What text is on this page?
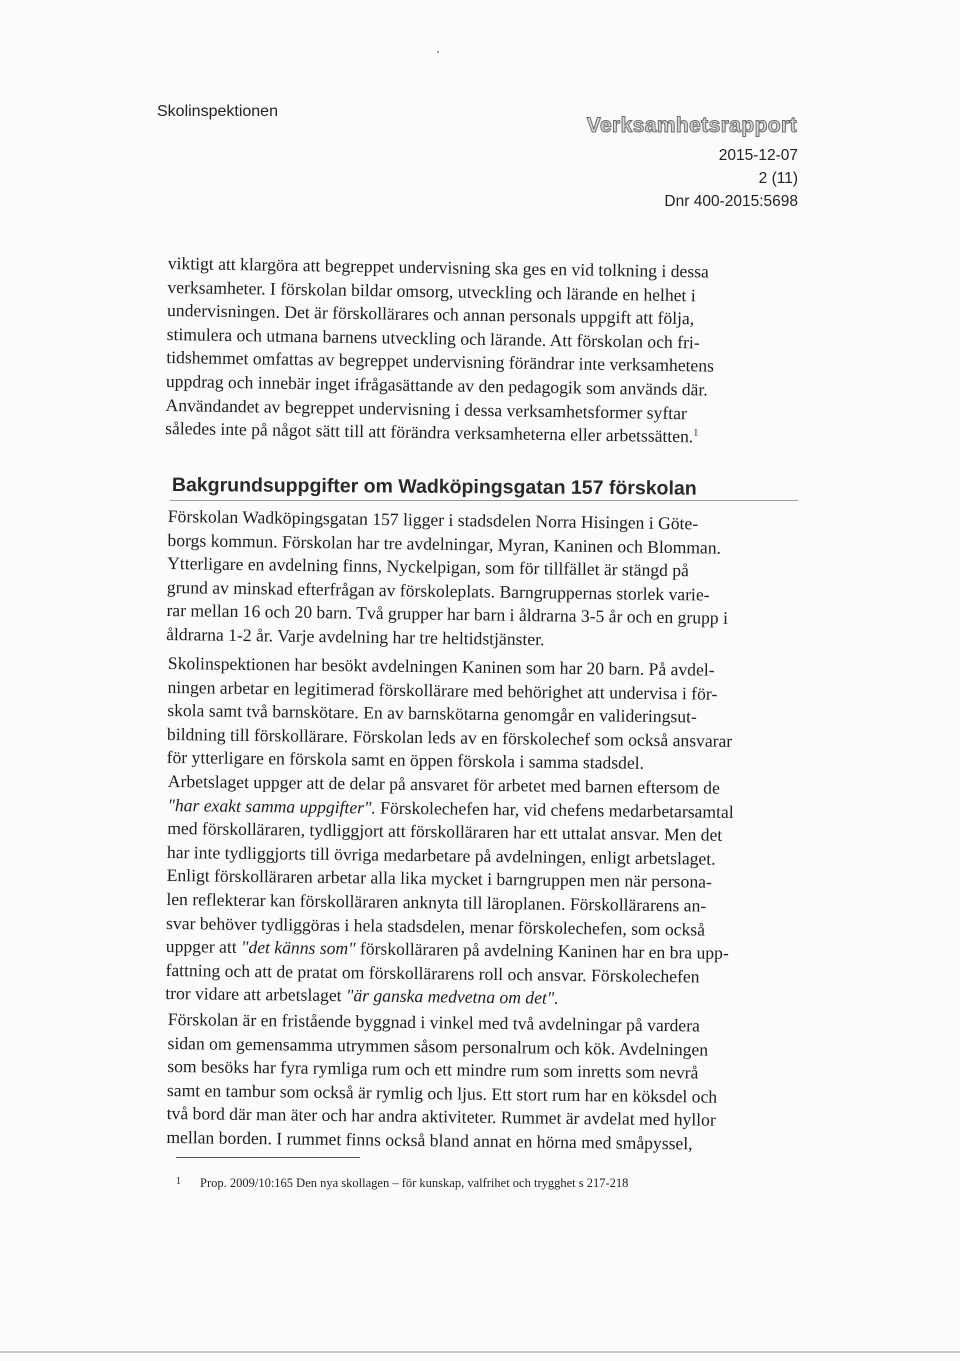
Skolinspektionen
Verksamhetsrapport
2015-12-07
2 (11)
Dnr 400-2015:5698

viktigt att klargöra att begreppet undervisning ska ges en vid tolkning i dessa
verksamheter. I förskolan bildar omsorg, utveckling och lärande en helhet i
undervisningen. Det är förskollärares och annan personals uppgift att följa,
stimulera och utmana barnens utveckling och lärande. Att förskolan och fri-
tidshemmet omfattas av begreppet undervisning förändrar inte verksamhetens
uppdrag och innebär inget ifrågasättande av den pedagogik som används där.
Användandet av begreppet undervisning i dessa verksamhetsformer syftar
således inte på något sätt till att förändra verksamheterna eller arbetssätten.$^1$

Bakgrundsuppgifter om Wadköpingsgatan 157 förskolan

Förskolan Wadköpingsgatan 157 ligger i stadsdelen Norra Hisingen i Göte-
borgs kommun. Förskolan har tre avdelningar, Myran, Kaninen och Blomman.
Ytterligare en avdelning finns, Nyckelpigan, som för tillfället är stängd på
grund av minskad efterfrågan av förskoleplats. Barngruppernas storlek varie-
rar mellan 16 och 20 barn. Två grupper har barn i åldrarna 3-5 år och en grupp i
åldrarna 1-2 år. Varje avdelning har tre heltidstjänster.

Skolinspektionen har besökt avdelningen Kaninen som har 20 barn. På avdel-
ningen arbetar en legitimerad förskollärare med behörighet att undervisa i för-
skola samt två barnskötare. En av barnskötarna genomgår en valideringsut-
bildning till förskollärare. Förskolan leds av en förskolechef som också ansvarar
för ytterligare en förskola samt en öppen förskola i samma stadsdel.

Arbetslaget uppger att de delar på ansvaret för arbetet med barnen eftersom de
"har exakt samma uppgifter". Förskolechefen har, vid chefens medarbetarsamtal
med förskolläraren, tydliggjort att förskolläraren har ett uttalat ansvar. Men det
har inte tydliggjorts till övriga medarbetare på avdelningen, enligt arbetslaget.
Enligt förskolläraren arbetar alla lika mycket i barngruppen men när persona-
len reflekterar kan förskolläraren anknyta till läroplanen. Förskollärarens an-
svar behöver tydliggöras i hela stadsdelen, menar förskolechefen, som också
uppger att "det känns som" förskolläraren på avdelning Kaninen har en bra upp-
fattning och att de pratat om förskollärarens roll och ansvar. Förskolechefen
tror vidare att arbetslaget "är ganska medvetna om det".

Förskolan är en fristående byggnad i vinkel med två avdelningar på vardera
sidan om gemensamma utrymmen såsom personalrum och kök. Avdelningen
som besöks har fyra rymliga rum och ett mindre rum som inretts som nevrå
samt en tambur som också är rymlig och ljus. Ett stort rum har en köksdel och
två bord där man äter och har andra aktiviteter. Rummet är avdelat med hyllor
mellan borden. I rummet finns också bland annat en hörna med småpyssel,

1 Prop. 2009/10:165 Den nya skollagen – för kunskap, valfrihet och trygghet s 217-218
